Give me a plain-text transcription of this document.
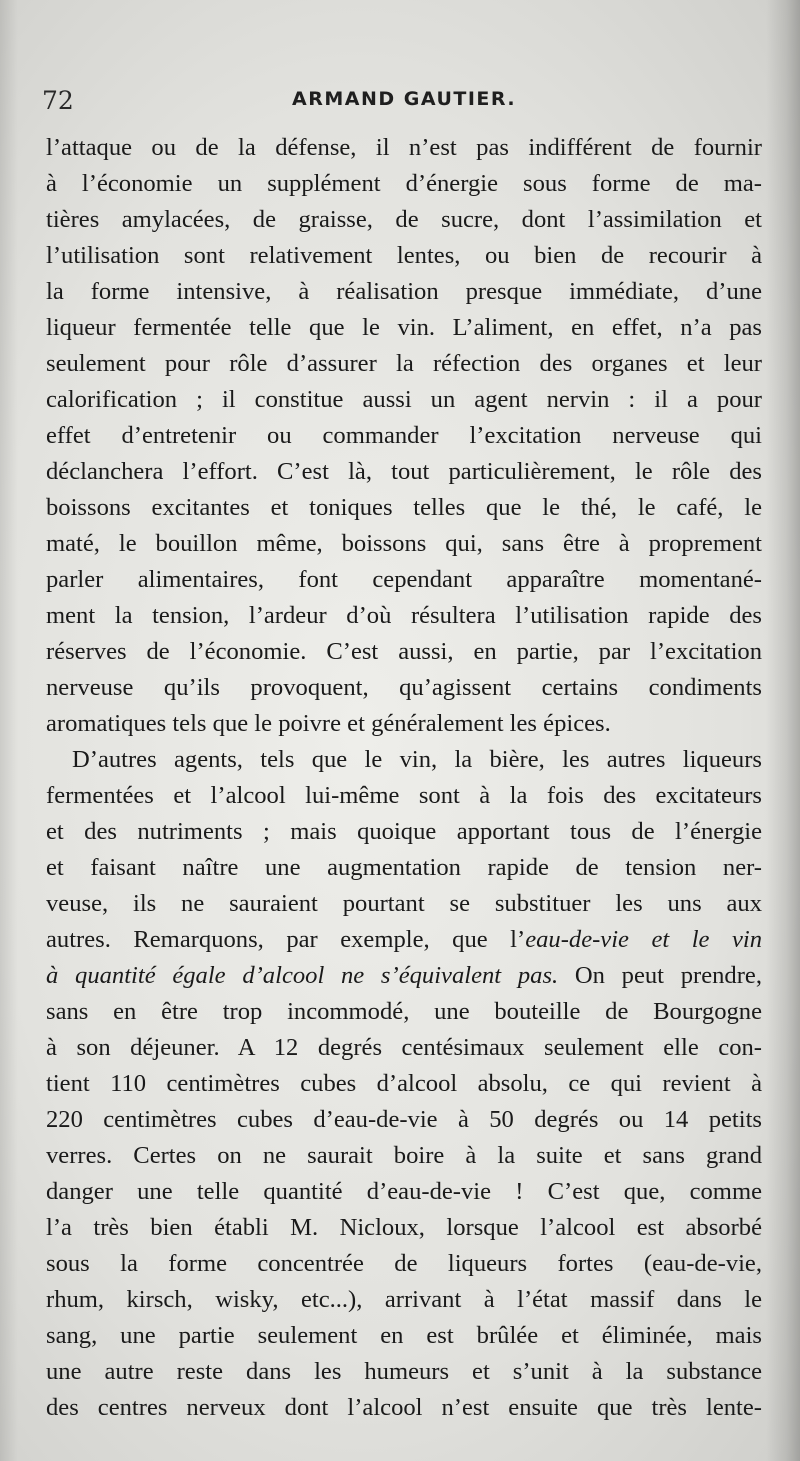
72	ARMAND GAUTIER.
l’attaque ou de la défense, il n’est pas indifférent de fournir
à l’économie un supplément d’énergie sous forme de ma-
tières amylacées, de graisse, de sucre, dont l’assimilation et
l’utilisation sont relativement lentes, ou bien de recourir à
la forme intensive, à réalisation presque immédiate, d’une
liqueur fermentée telle que le vin. L’aliment, en effet, n’a pas
seulement pour rôle d’assurer la réfection des organes et leur
calorification ; il constitue aussi un agent nervin : il a pour
effet d’entretenir ou commander l’excitation nerveuse qui
déclanchera l’effort. C’est là, tout particulièrement, le rôle des
boissons excitantes et toniques telles que le thé, le café, le
maté, le bouillon même, boissons qui, sans être à proprement
parler alimentaires, font cependant apparaître momentané-
ment la tension, l’ardeur d’où résultera l’utilisation rapide des
réserves de l’économie. C’est aussi, en partie, par l’excitation
nerveuse qu’ils provoquent, qu’agissent certains condiments
aromatiques tels que le poivre et généralement les épices.
D’autres agents, tels que le vin, la bière, les autres liqueurs
fermentées et l’alcool lui-même sont à la fois des excitateurs
et des nutriments ; mais quoique apportant tous de l’énergie
et faisant naître une augmentation rapide de tension ner-
veuse, ils ne sauraient pourtant se substituer les uns aux
autres. Remarquons, par exemple, que l’eau-de-vie et le vin
à quantité égale d’alcool ne s’équivalent pas. On peut prendre,
sans en être trop incommodé, une bouteille de Bourgogne
à son déjeuner. A 12 degrés centésimaux seulement elle con-
tient 110 centimètres cubes d’alcool absolu, ce qui revient à
220 centimètres cubes d’eau-de-vie à 50 degrés ou 14 petits
verres. Certes on ne saurait boire à la suite et sans grand
danger une telle quantité d’eau-de-vie ! C’est que, comme
l’a très bien établi M. Nicloux, lorsque l’alcool est absorbé
sous la forme concentrée de liqueurs fortes (eau-de-vie,
rhum, kirsch, wisky, etc...), arrivant à l’état massif dans le
sang, une partie seulement en est brûlée et éliminée, mais
une autre reste dans les humeurs et s’unit à la substance
des centres nerveux dont l’alcool n’est ensuite que très lente-
